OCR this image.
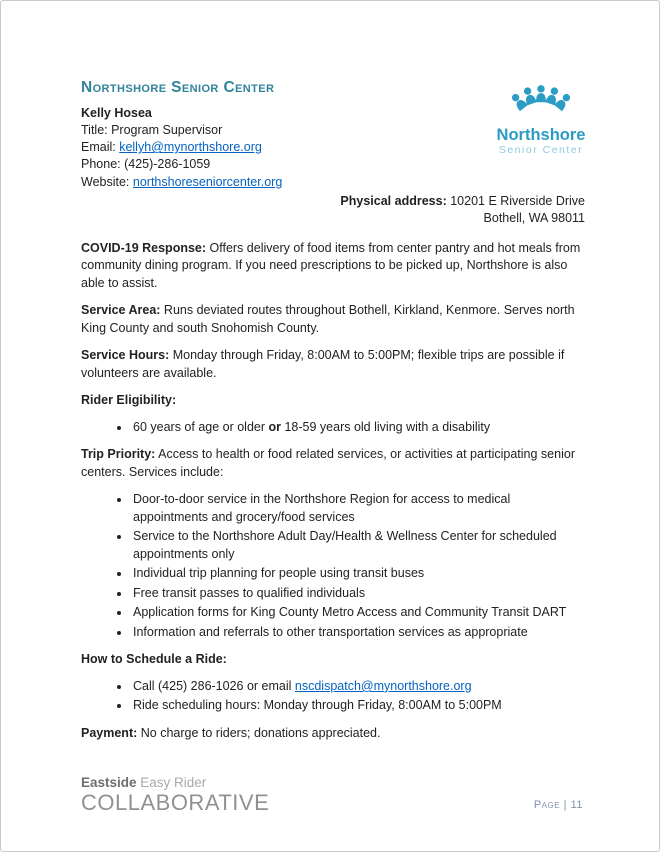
Northshore
Senior Center
Northshore Senior Center
Kelly Hosea
Title: Program Supervisor
Email: kellyh@mynorthshore.org
Phone: (425)-286-1059
Website: northshoreseniorcenter.org
Physical address: 10201 E Riverside Drive
Bothell, WA 98011

COVID-19 Response: Offers delivery of food items from center pantry and hot meals from community dining program. If you need prescriptions to be picked up, Northshore is also able to assist.

Service Area: Runs deviated routes throughout Bothell, Kirkland, Kenmore. Serves north King County and south Snohomish County.

Service Hours: Monday through Friday, 8:00AM to 5:00PM; flexible trips are possible if volunteers are available.

Rider Eligibility:
• 60 years of age or older or 18-59 years old living with a disability

Trip Priority: Access to health or food related services, or activities at participating senior centers. Services include:

• Door-to-door service in the Northshore Region for access to medical appointments and grocery/food services
• Service to the Northshore Adult Day/Health & Wellness Center for scheduled appointments only
• Individual trip planning for people using transit buses
• Free transit passes to qualified individuals
• Application forms for King County Metro Access and Community Transit DART
• Information and referrals to other transportation services as appropriate
How to Schedule a Ride:
• Call (425) 286-1026 or email nscdispatch@mynorthshore.org
• Ride scheduling hours: Monday through Friday, 8:00AM to 5:00PM

Payment: No charge to riders; donations appreciated.

Eastside Easy Rider
COLLABORATIVE	Page | 11
